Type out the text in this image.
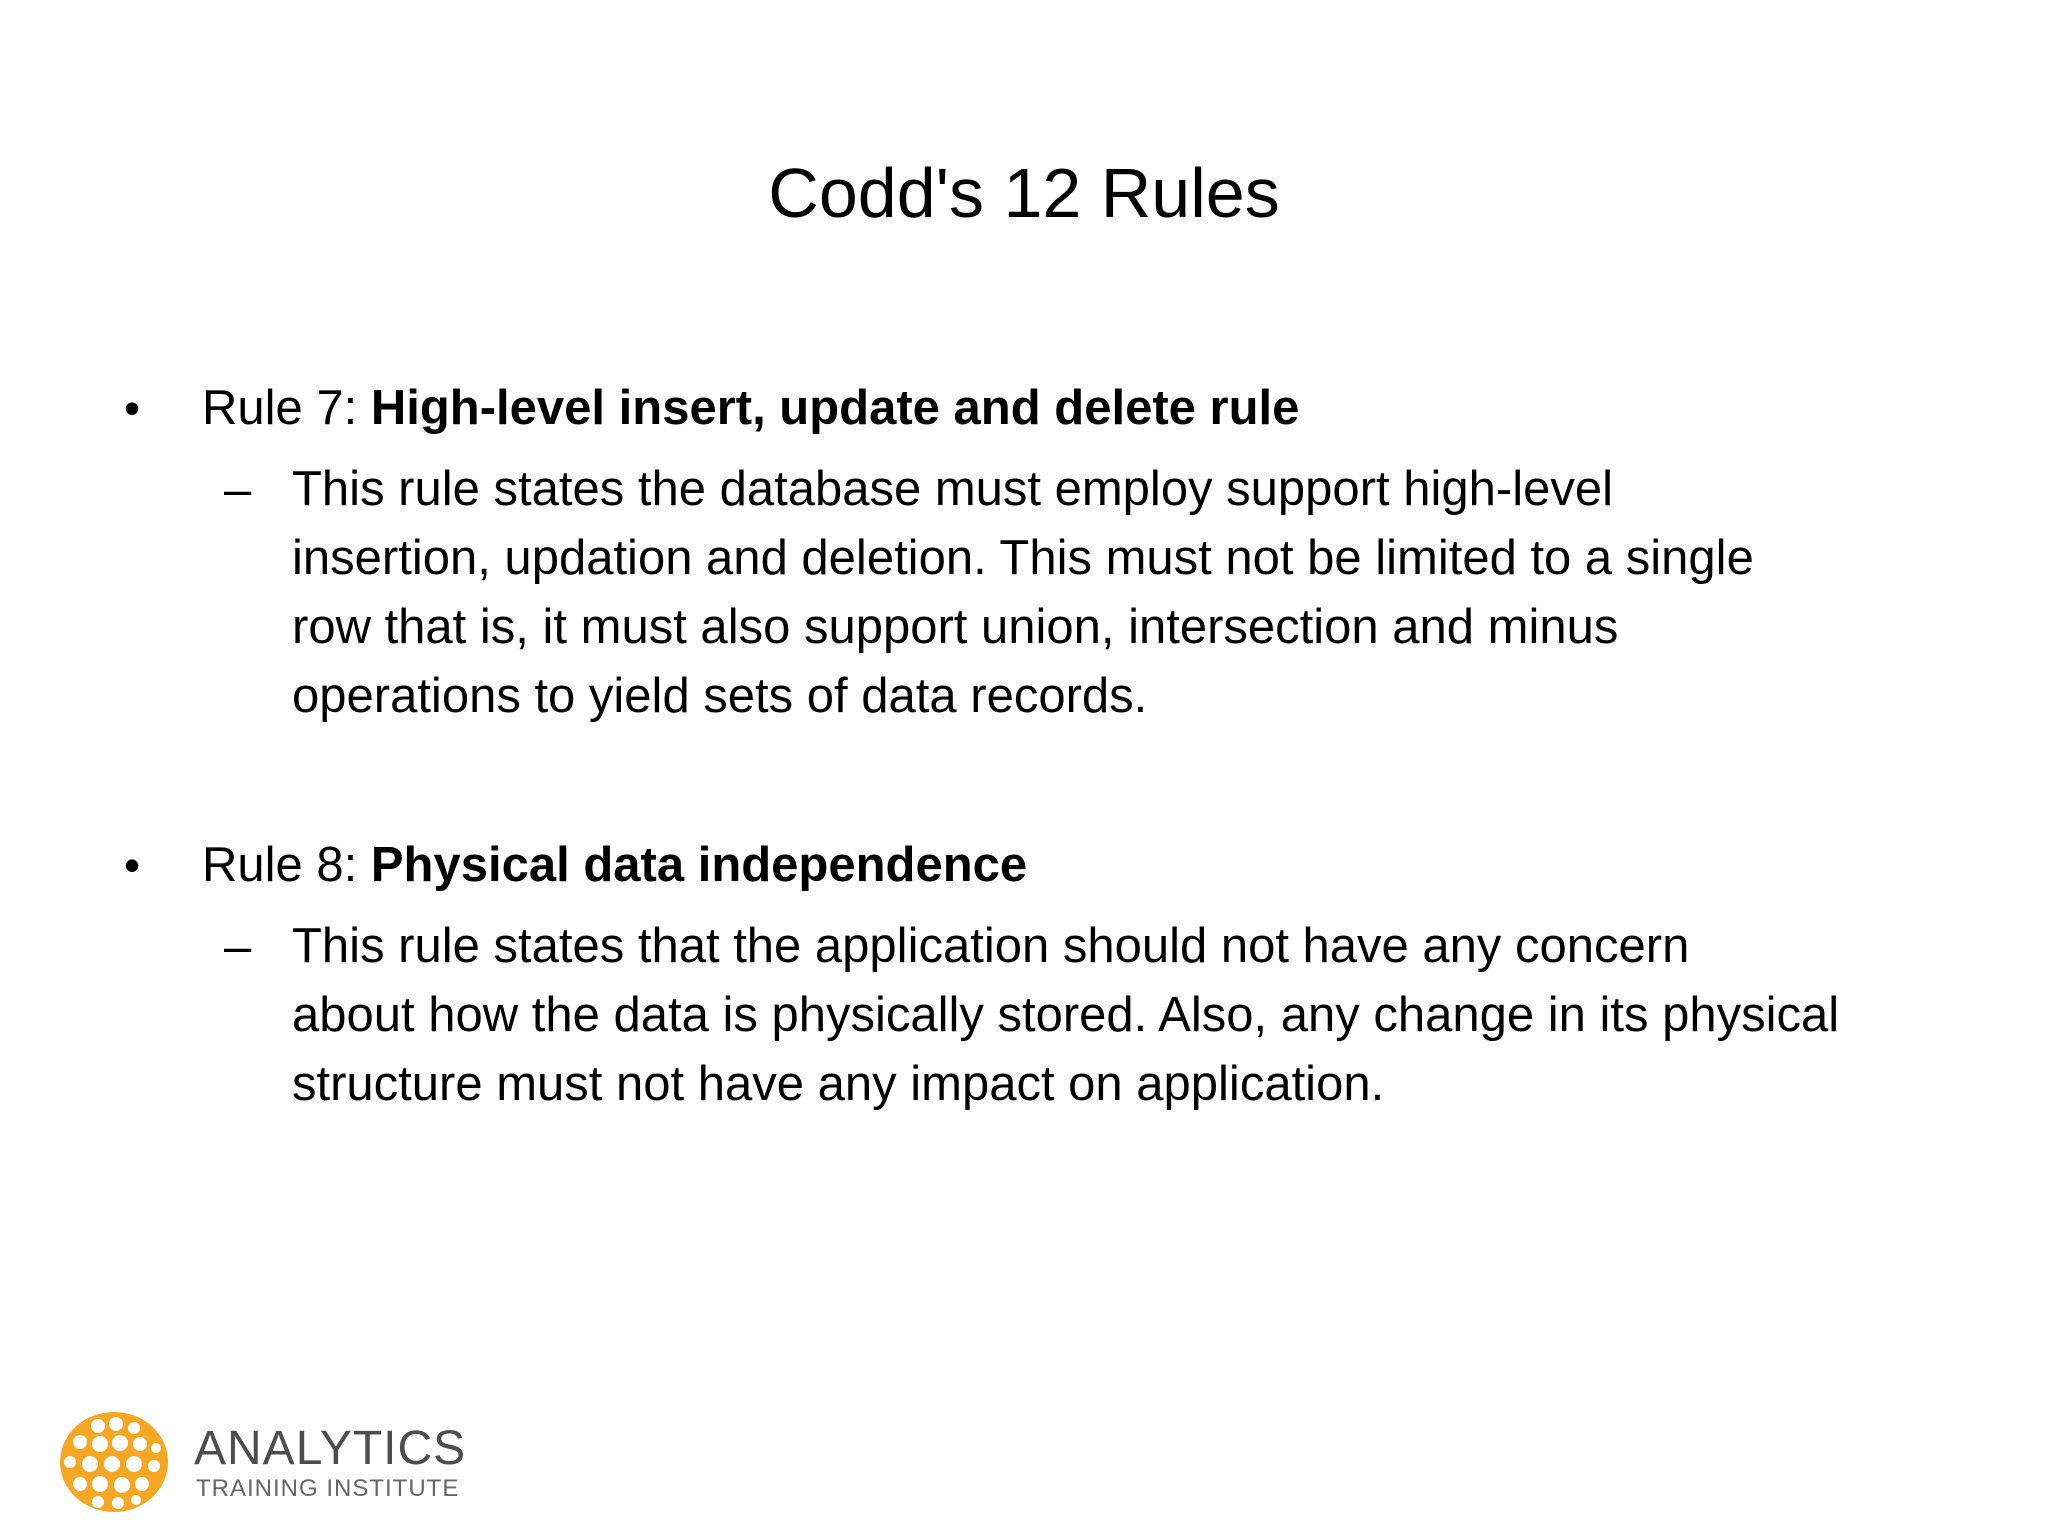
Codd's 12 Rules
• Rule 7: High-level insert, update and delete rule
– This rule states the database must employ support high-level
insertion, updation and deletion. This must not be limited to a single
row that is, it must also support union, intersection and minus
operations to yield sets of data records.
• Rule 8: Physical data independence
– This rule states that the application should not have any concern
about how the data is physically stored. Also, any change in its physical
structure must not have any impact on application.
ANALYTICS
TRAINING INSTITUTE
